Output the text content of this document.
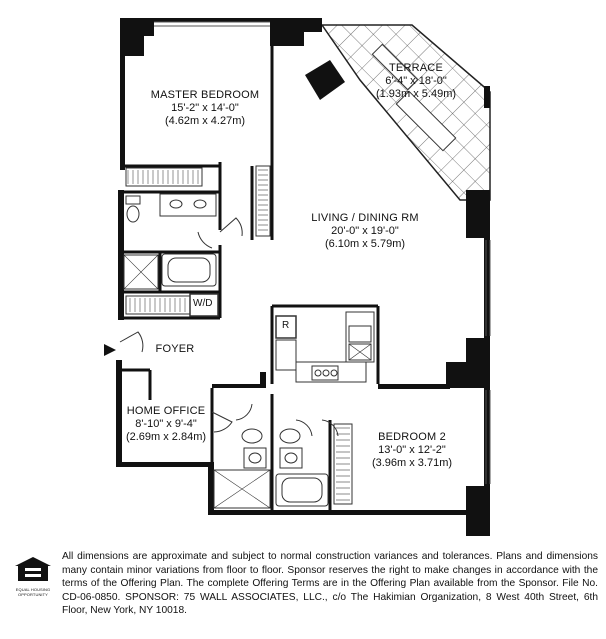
MASTER BEDROOM
15'-2" x 14'-0"
(4.62m x 4.27m)
TERRACE
6'-4" x 18'-0"
(1.93m x 5.49m)
LIVING / DINING RM
20'-0" x 19'-0"
(6.10m x 5.79m)
FOYER
HOME OFFICE
8'-10" x 9'-4"
(2.69m x 2.84m)	BEDROOM 2
13'-0" x 12'-2"
(3.96m x 3.71m)
W/D
R
EQUAL HOUSING OPPORTUNITY
All dimensions are approximate and subject to normal construction variances and tolerances. Plans and dimensions many contain minor variations from floor to floor. Sponsor reserves the right to make changes in accordance with the terms of the Offering Plan. The complete Offering Terms are in the Offering Plan available from the Sponsor. File No. CD-06-0850. SPONSOR: 75 WALL ASSOCIATES, LLC., c/o The Hakimian Organization, 8 West 40th Street, 6th Floor, New York, NY 10018.
